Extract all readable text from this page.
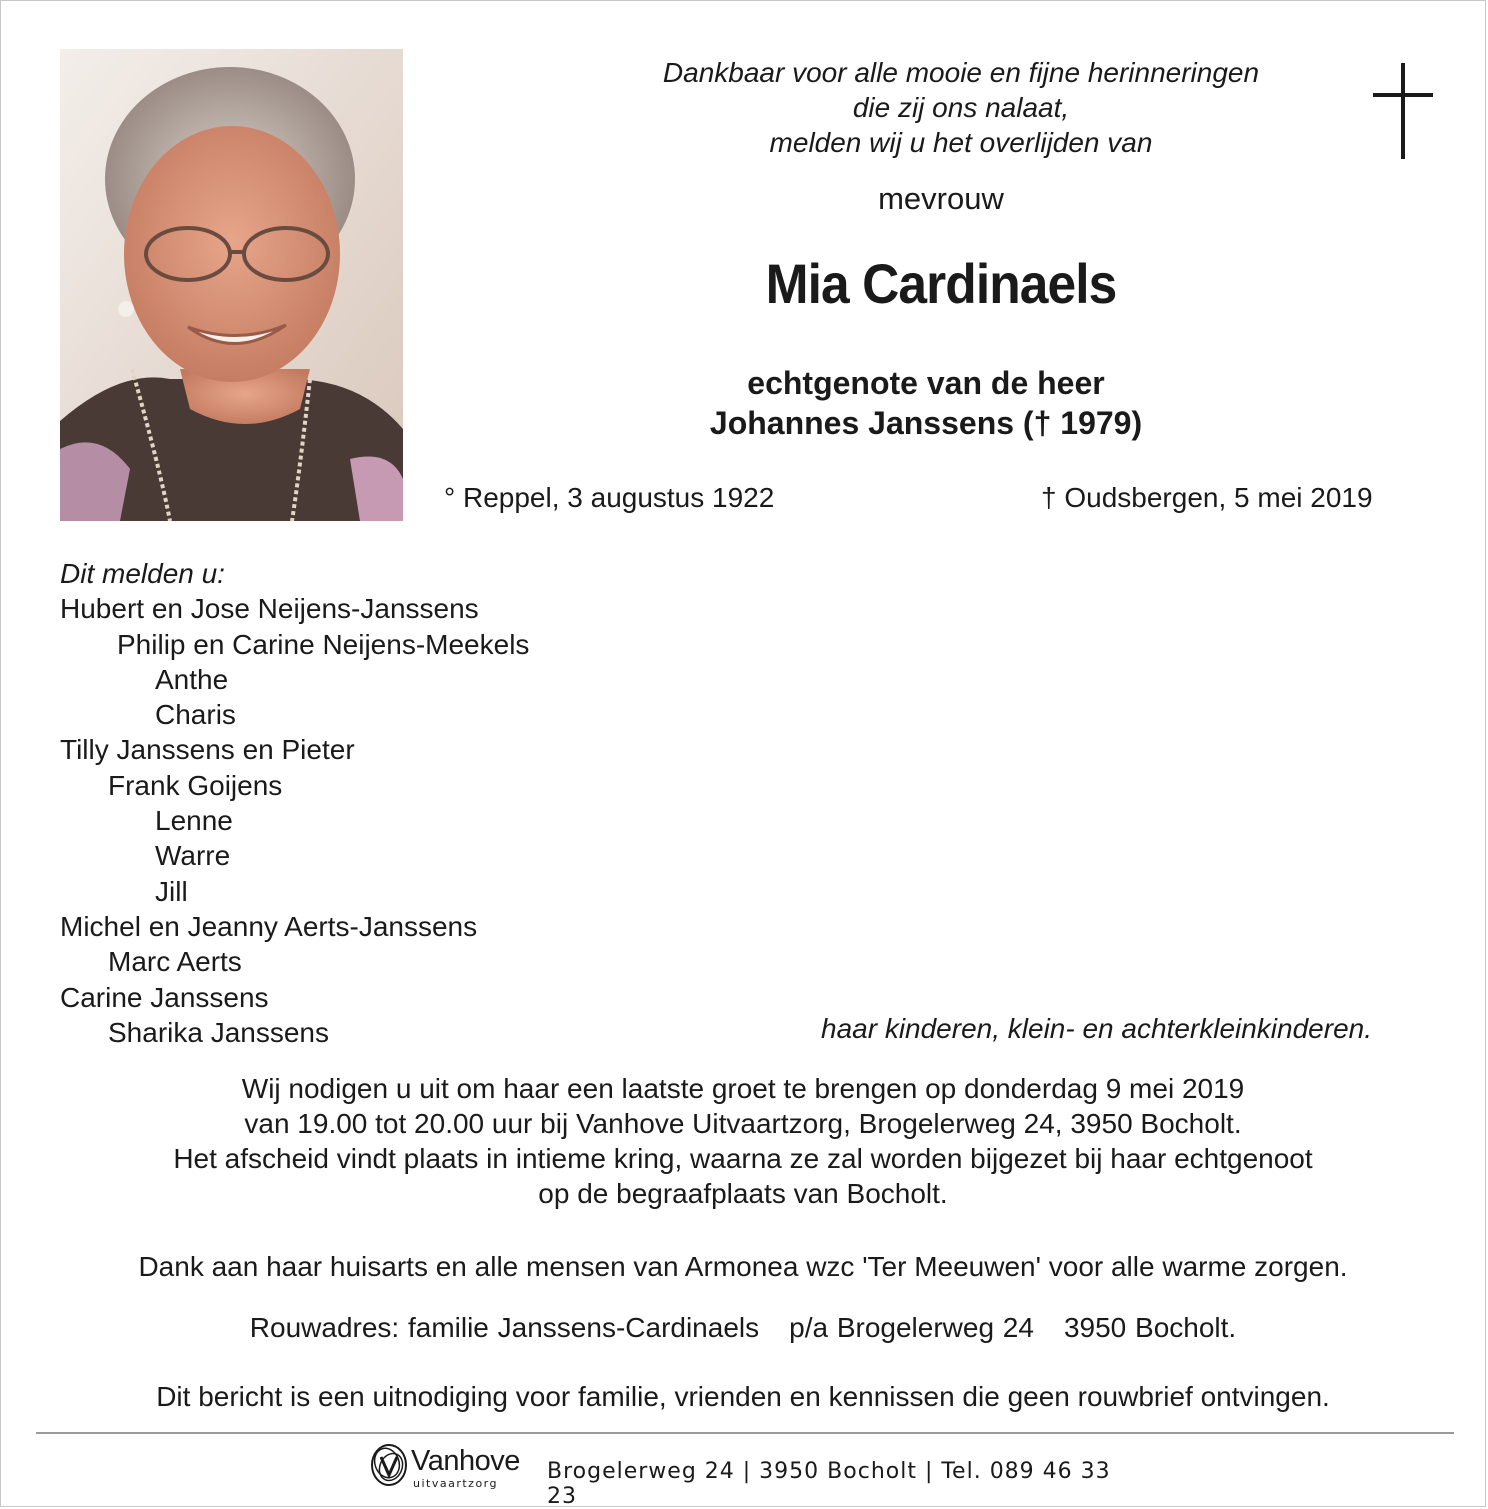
Dankbaar voor alle mooie en fijne herinneringen
die zij ons nalaat,
melden wij u het overlijden van
mevrouw
Mia Cardinaels
echtgenote van de heer
Johannes Janssens († 1979)
° Reppel, 3 augustus 1922	† Oudsbergen, 5 mei 2019
Dit melden u:
Hubert en Jose Neijens-Janssens
Philip en Carine Neijens-Meekels
Anthe
Charis
Tilly Janssens en Pieter
Frank Goijens
Lenne
Warre
Jill
Michel en Jeanny Aerts-Janssens
Marc Aerts
Carine Janssens
Sharika Janssens	haar kinderen, klein- en achterkleinkinderen.
Wij nodigen u uit om haar een laatste groet te brengen op donderdag 9 mei 2019
van 19.00 tot 20.00 uur bij Vanhove Uitvaartzorg, Brogelerweg 24, 3950 Bocholt.
Het afscheid vindt plaats in intieme kring, waarna ze zal worden bijgezet bij haar echtgenoot
op de begraafplaats van Bocholt.
Dank aan haar huisarts en alle mensen van Armonea wzc 'Ter Meeuwen' voor alle warme zorgen.
Rouwadres: familie Janssens-Cardinaels p/a Brogelerweg 24 3950 Bocholt.
Dit bericht is een uitnodiging voor familie, vrienden en kennissen die geen rouwbrief ontvingen.
Vanhove
uitvaartzorg Brogelerweg 24 | 3950 Bocholt | Tel. 089 46 33 23
